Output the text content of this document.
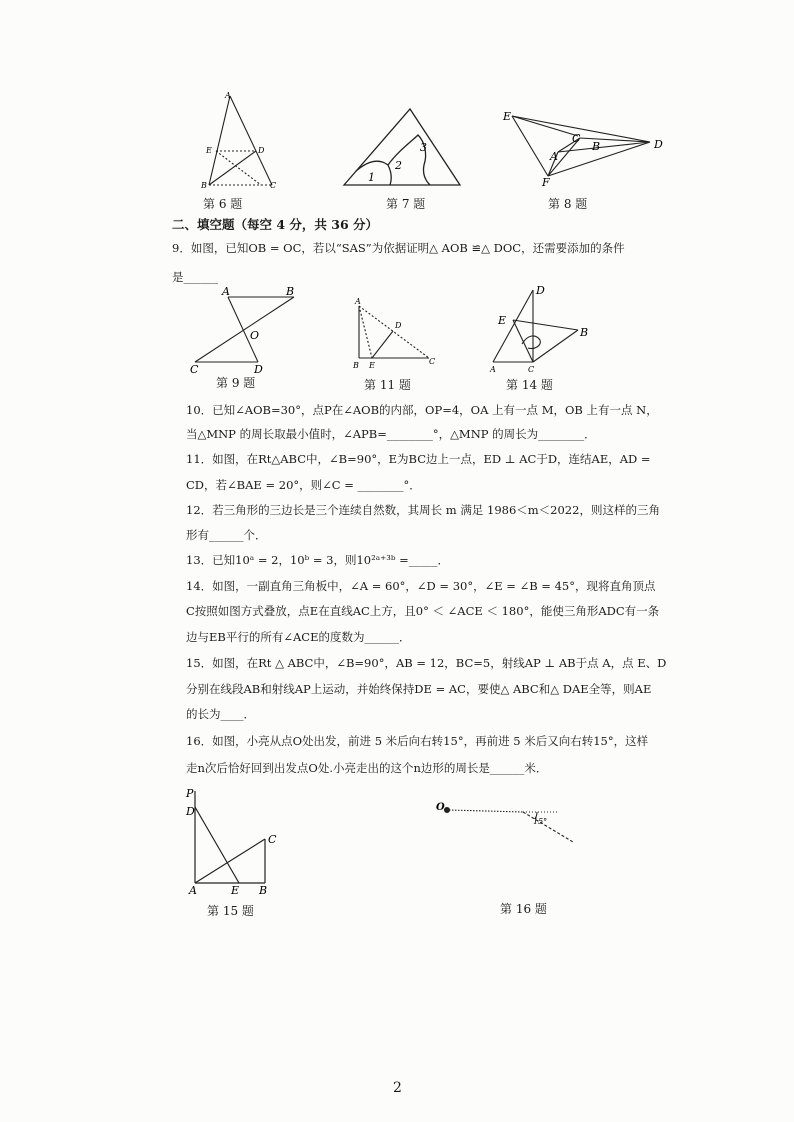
A
E	D
B	C
第 6 题
1
2
3
第 7 题
E
C
B
A
F
D
第 8 题
二、填空题（每空 4 分，共 36 分）
9．如图，已知OB = OC，若以“SAS”为依据证明△ AOB ≌△ DOC，还需要添加的条件
是______
A	B
O
C	D
第 9 题
A
D
B E	C
第 11 题
D
E
B
A	C
第 14 题
10．已知∠AOB=30°，点P在∠AOB的内部，OP=4，OA 上有一点 M，OB 上有一点 N，
当△MNP 的周长取最小值时，∠APB=________°，△MNP 的周长为________．
11．如图，在Rt△ABC中，∠B=90°，E为BC边上一点，ED ⊥ AC于D，连结AE，AD =
CD，若∠BAE = 20°，则∠C = ________°．
12．若三角形的三边长是三个连续自然数，其周长 m 满足 1986＜m＜2022，则这样的三角
形有______个．
13．已知10ᵃ = 2，10ᵇ = 3，则10²ᵃ⁺³ᵇ =_____．
14．如图，一副直角三角板中，∠A = 60°，∠D = 30°，∠E = ∠B = 45°，现将直角顶点
C按照如图方式叠放，点E在直线AC上方，且0° ＜ ∠ACE ＜ 180°，能使三角形ADC有一条
边与EB平行的所有∠ACE的度数为______．
15．如图，在Rt △ ABC中，∠B=90°，AB = 12，BC=5，射线AP ⊥ AB于点 A，点 E、D
分别在线段AB和射线AP上运动，并始终保持DE = AC，要使△ ABC和△ DAE全等，则AE
的长为____．
16．如图，小亮从点O处出发，前进 5 米后向右转15°，再前进 5 米后又向右转15°，这样
走n次后恰好回到出发点O处.小亮走出的这个n边形的周长是______米．
P
D
C
A	E B
第 15 题
O
15°
第 16 题
2
